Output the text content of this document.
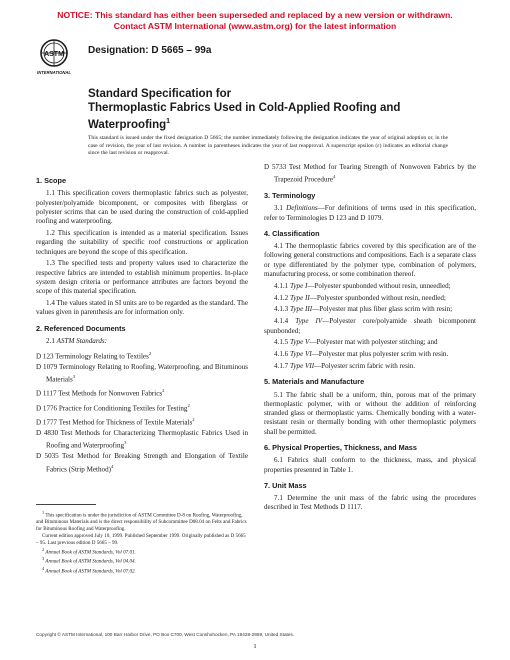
NOTICE: This standard has either been superseded and replaced by a new version or withdrawn.
Contact ASTM International (www.astm.org) for the latest information
ASTM
INTERNATIONAL
Designation: D 5665 – 99a
Standard Specification for
Thermoplastic Fabrics Used in Cold-Applied Roofing and Waterproofing$^1$
This standard is issued under the fixed designation D 5665; the number immediately following the designation indicates the year of original adoption or, in the case of revision, the year of last revision. A number in parentheses indicates the year of last reapproval. A superscript epsilon (ε) indicates an editorial change since the last revision or reapproval.
1. Scope

1.1 This specification covers thermoplastic fabrics such as polyester, polyester/polyamide bicomponent, or composites with fiberglass or polyester scrims that can be used during the construction of cold-applied roofing and waterproofing.

1.2 This specification is intended as a material specification. Issues regarding the suitability of specific roof constructions or application techniques are beyond the scope of this specification.

1.3 The specified tests and property values used to characterize the respective fabrics are intended to establish minimum properties. In-place system design criteria or performance attributes are factors beyond the scope of this material specification.

1.4 The values stated in SI units are to be regarded as the standard. The values given in parenthesis are for information only.

2. Referenced Documents

2.1 ASTM Standards:

D 123 Terminology Relating to Textiles$^2$

D 1079 Terminology Relating to Roofing, Waterproofing, and Bituminous Materials$^3$

D 1117 Test Methods for Nonwoven Fabrics$^2$

D 1776 Practice for Conditioning Textiles for Testing$^2$

D 1777 Test Method for Thickness of Textile Materials$^2$

D 4830 Test Methods for Characterizing Thermoplastic Fabrics Used in Roofing and Waterproofing$^3$

D 5035 Test Method for Breaking Strength and Elongation of Textile Fabrics (Strip Method)$^4$

$^1$ This specification is under the jurisdiction of ASTM Committee D-8 on Roofing, Waterproofing, and Bituminous Materials and is the direct responsibility of Subcommittee D08.04 on Felts and Fabrics for Bituminous Roofing and Waterproofing.

Current edition approved July 10, 1999. Published September 1999. Originally published as D 5665 – 95. Last previous edition D 5665 – 99.

$^2$ Annual Book of ASTM Standards, Vol 07.01.

$^3$ Annual Book of ASTM Standards, Vol 04.04.

$^4$ Annual Book of ASTM Standards, Vol 07.02.

D 5733 Test Method for Tearing Strength of Nonwoven Fabrics by the Trapezoid Procedure$^4$

3. Terminology

3.1 Definitions—For definitions of terms used in this specification, refer to Terminologies D 123 and D 1079.

4. Classification

4.1 The thermoplastic fabrics covered by this specification are of the following general constructions and compositions. Each is a separate class or type differentiated by the polymer type, combination of polymers, manufacturing process, or some combination thereof.

4.1.1 Type I—Polyester spunbonded without resin, unneedled;

4.1.2 Type II—Polyester spunbonded without resin, needled;

4.1.3 Type III—Polyester mat plus fiber glass scrim with resin;

4.1.4 Type IV—Polyester core/polyamide sheath bicomponent spunbonded;

4.1.5 Type V—Polyester mat with polyester stitching; and

4.1.6 Type VI—Polyester mat plus polyester scrim with resin.

4.1.7 Type VII—Polyester scrim fabric with resin.

5. Materials and Manufacture

5.1 The fabric shall be a uniform, thin, porous mat of the primary thermoplastic polymer, with or without the addition of reinforcing stranded glass or thermoplastic yarns. Chemically bonding with a water-resistant resin or thermally bonding with other thermoplastic polymers shall be permitted.

6. Physical Properties, Thickness, and Mass

6.1 Fabrics shall conform to the thickness, mass, and physical properties presented in Table 1.

7. Unit Mass

7.1 Determine the unit mass of the fabric using the procedures described in Test Methods D 1117.

Copyright © ASTM International, 100 Barr Harbor Drive, PO Box C700, West Conshohocken, PA 19428-2959, United States.
1
